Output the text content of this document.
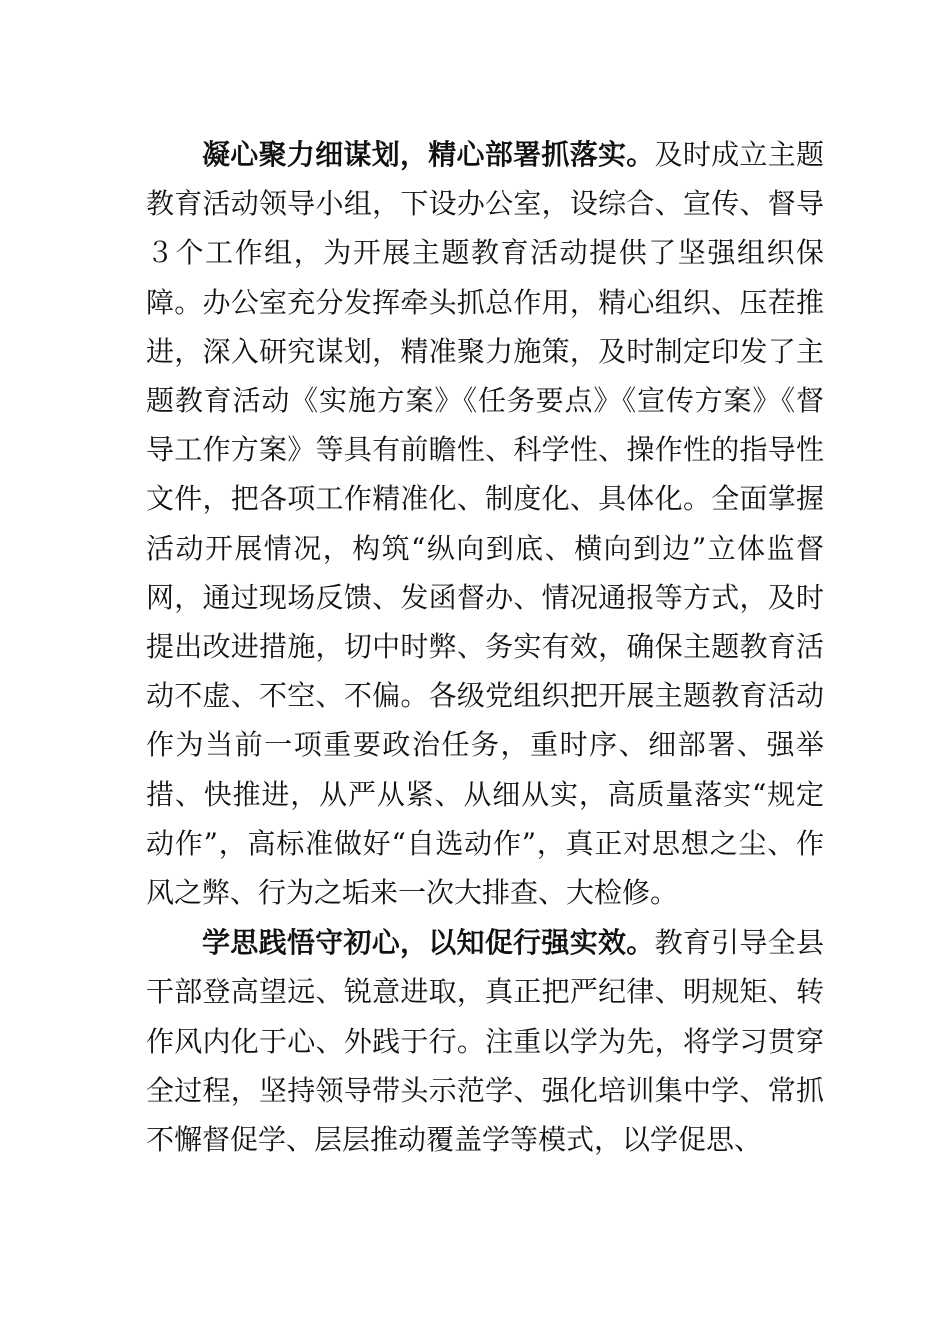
凝心聚力细谋划，精心部署抓落实。及时成立主题教育活动领导小组，下设办公室，设综合、宣传、督导３个工作组，为开展主题教育活动提供了坚强组织保障。办公室充分发挥牵头抓总作用，精心组织、压茬推进，深入研究谋划，精准聚力施策，及时制定印发了主题教育活动《实施方案》《任务要点》《宣传方案》《督导工作方案》等具有前瞻性、科学性、操作性的指导性文件，把各项工作精准化、制度化、具体化。全面掌握活动开展情况，构筑“纵向到底、横向到边”立体监督网，通过现场反馈、发函督办、情况通报等方式，及时提出改进措施，切中时弊、务实有效，确保主题教育活动不虚、不空、不偏。各级党组织把开展主题教育活动作为当前一项重要政治任务，重时序、细部署、强举措、快推进，从严从紧、从细从实，高质量落实“规定动作”，高标准做好“自选动作”，真正对思想之尘、作风之弊、行为之垢来一次大排查、大检修。

学思践悟守初心，以知促行强实效。教育引导全县干部登高望远、锐意进取，真正把严纪律、明规矩、转作风内化于心、外践于行。注重以学为先，将学习贯穿全过程，坚持领导带头示范学、强化培训集中学、常抓不懈督促学、层层推动覆盖学等模式，以学促思、
